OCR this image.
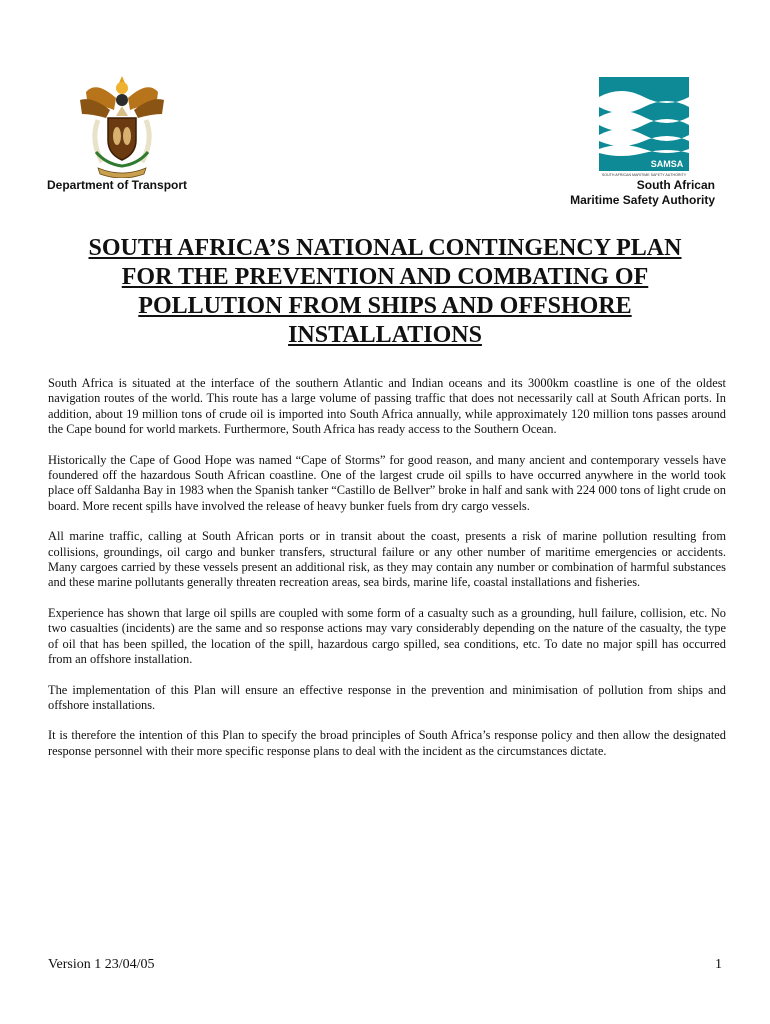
Department of Transport
SAMSA
SOUTH AFRICAN MARITIME SAFETY AUTHORITY
South African
Maritime Safety Authority
SOUTH AFRICA’S NATIONAL CONTINGENCY PLAN
FOR THE PREVENTION AND COMBATING OF
POLLUTION FROM SHIPS AND OFFSHORE
INSTALLATIONS

South Africa is situated at the interface of the southern Atlantic and Indian oceans and its 3000km coastline is one of the oldest navigation routes of the world. This route has a large volume of passing traffic that does not necessarily call at South African ports. In addition, about 19 million tons of crude oil is imported into South Africa annually, while approximately 120 million tons passes around the Cape bound for world markets. Furthermore, South Africa has ready access to the Southern Ocean.

Historically the Cape of Good Hope was named “Cape of Storms” for good reason, and many ancient and contemporary vessels have foundered off the hazardous South African coastline. One of the largest crude oil spills to have occurred anywhere in the world took place off Saldanha Bay in 1983 when the Spanish tanker “Castillo de Bellver” broke in half and sank with 224 000 tons of light crude on board. More recent spills have involved the release of heavy bunker fuels from dry cargo vessels.

All marine traffic, calling at South African ports or in transit about the coast, presents a risk of marine pollution resulting from collisions, groundings, oil cargo and bunker transfers, structural failure or any other number of maritime emergencies or accidents. Many cargoes carried by these vessels present an additional risk, as they may contain any number or combination of harmful substances and these marine pollutants generally threaten recreation areas, sea birds, marine life, coastal installations and fisheries.

Experience has shown that large oil spills are coupled with some form of a casualty such as a grounding, hull failure, collision, etc. No two casualties (incidents) are the same and so response actions may vary considerably depending on the nature of the casualty, the type of oil that has been spilled, the location of the spill, hazardous cargo spilled, sea conditions, etc. To date no major spill has occurred from an offshore installation.

The implementation of this Plan will ensure an effective response in the prevention and minimisation of pollution from ships and offshore installations.

It is therefore the intention of this Plan to specify the broad principles of South Africa’s response policy and then allow the designated response personnel with their more specific response plans to deal with the incident as the circumstances dictate.

Version 1 23/04/05	1
